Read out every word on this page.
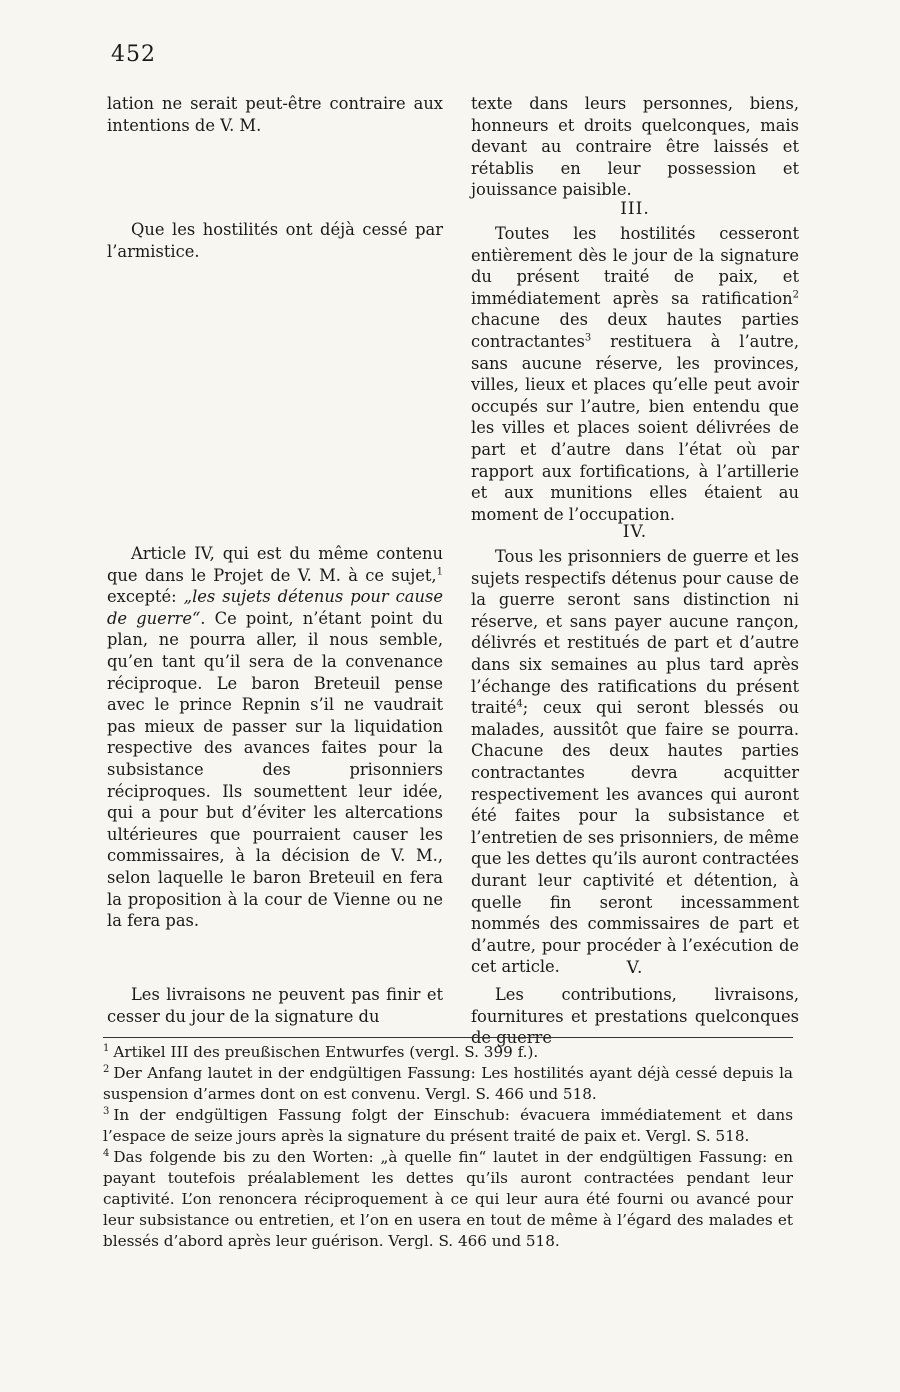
452
lation ne serait peut-être contraire aux intentions de V. M.
Que les hostilités ont déjà cessé par l’armistice.
Article IV, qui est du même contenu que dans le Projet de V. M. à ce sujet,$^1$ excepté: „les sujets détenus pour cause de guerre“. Ce point, n’étant point du plan, ne pourra aller, il nous semble, qu’en tant qu’il sera de la convenance réciproque. Le baron Breteuil pense avec le prince Repnin s’il ne vaudrait pas mieux de passer sur la liquidation respective des avances faites pour la subsistance des prisonniers réciproques. Ils soumettent leur idée, qui a pour but d’éviter les altercations ultérieures que pourraient causer les commissaires, à la décision de V. M., selon laquelle le baron Breteuil en fera la proposition à la cour de Vienne ou ne la fera pas.
Les livraisons ne peuvent pas finir et cesser du jour de la signature du
texte dans leurs personnes, biens, honneurs et droits quelconques, mais devant au contraire être laissés et rétablis en leur possession et jouissance paisible.
III.
Toutes les hostilités cesseront entièrement dès le jour de la signature du présent traité de paix, et immédiatement après sa ratification$^2$ chacune des deux hautes parties contractantes$^3$ restituera à l’autre, sans aucune réserve, les provinces, villes, lieux et places qu’elle peut avoir occupés sur l’autre, bien entendu que les villes et places soient délivrées de part et d’autre dans l’état où par rapport aux fortifications, à l’artillerie et aux munitions elles étaient au moment de l’occupation.
IV.
Tous les prisonniers de guerre et les sujets respectifs détenus pour cause de la guerre seront sans distinction ni réserve, et sans payer aucune rançon, délivrés et restitués de part et d’autre dans six semaines au plus tard après l’échange des ratifications du présent traité$^4$; ceux qui seront blessés ou malades, aussitôt que faire se pourra. Chacune des deux hautes parties contractantes devra acquitter respectivement les avances qui auront été faites pour la subsistance et l’entretien de ses prisonniers, de même que les dettes qu’ils auront contractées durant leur captivité et détention, à quelle fin seront incessamment nommés des commissaires de part et d’autre, pour procéder à l’exécution de cet article.	V.
Les contributions, livraisons, fournitures et prestations quelconques de guerre

$^1$ Artikel III des preußischen Entwurfes (vergl. S. 399 f.).

$^2$ Der Anfang lautet in der endgültigen Fassung: Les hostilités ayant déjà cessé depuis la suspension d’armes dont on est convenu. Vergl. S. 466 und 518.

$^3$ In der endgültigen Fassung folgt der Einschub: évacuera immédiatement et dans l’espace de seize jours après la signature du présent traité de paix et. Vergl. S. 518.

$^4$ Das folgende bis zu den Worten: „à quelle fin“ lautet in der endgültigen Fassung: en payant toutefois préalablement les dettes qu’ils auront contractées pendant leur captivité. L’on renoncera réciproquement à ce qui leur aura été fourni ou avancé pour leur subsistance ou entretien, et l’on en usera en tout de même à l’égard des malades et blessés d’abord après leur guérison. Vergl. S. 466 und 518.
